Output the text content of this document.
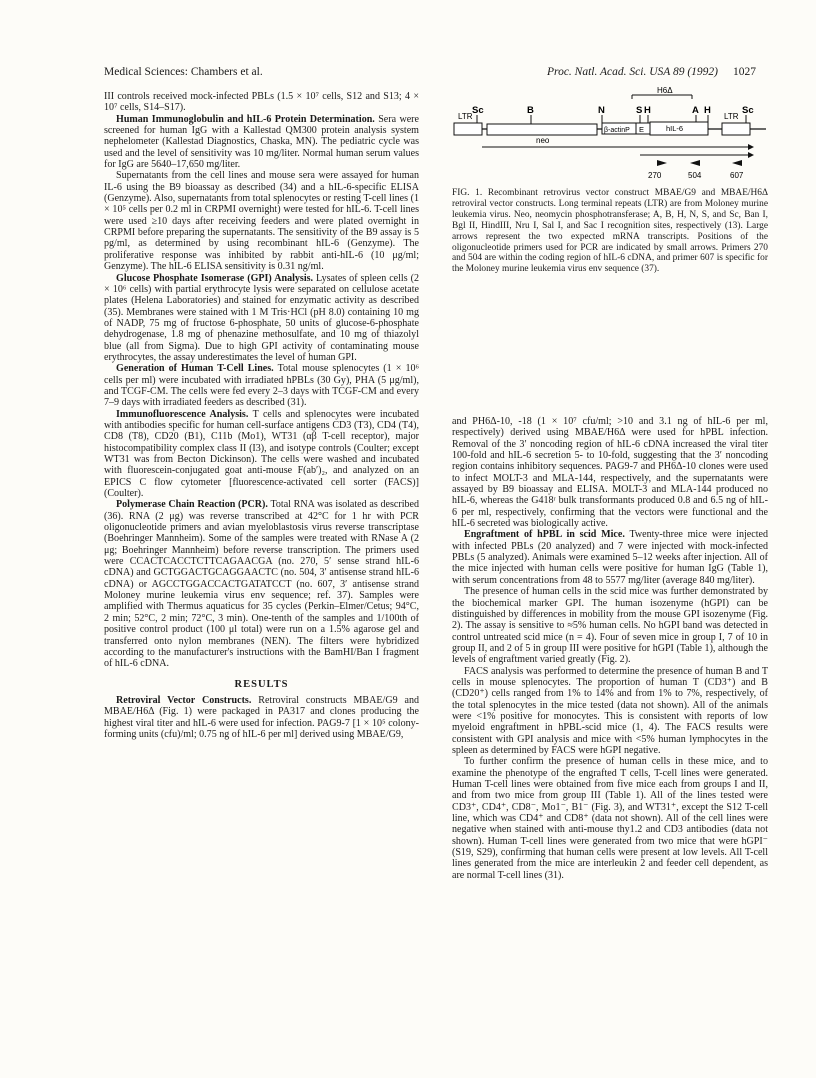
Medical Sciences: Chambers et al.	Proc. Natl. Acad. Sci. USA 89 (1992) 1027

III controls received mock-infected PBLs (1.5 × 10⁷ cells, S12 and S13; 4 × 10⁷ cells, S14–S17).

Human Immunoglobulin and hIL-6 Protein Determination. Sera were screened for human IgG with a Kallestad QM300 protein analysis system nephelometer (Kallestad Diagnostics, Chaska, MN). The pediatric cycle was used and the level of sensitivity was 10 mg/liter. Normal human serum values for IgG are 5640–17,650 mg/liter.

Supernatants from the cell lines and mouse sera were assayed for human IL-6 using the B9 bioassay as described (34) and a hIL-6-specific ELISA (Genzyme). Also, supernatants from total splenocytes or resting T-cell lines (1 × 10⁵ cells per 0.2 ml in CRPMI overnight) were tested for hIL-6. T-cell lines were used ≥10 days after receiving feeders and were plated overnight in CRPMI before preparing the supernatants. The sensitivity of the B9 assay is 5 pg/ml, as determined by using recombinant hIL-6 (Genzyme). The proliferative response was inhibited by rabbit anti-hIL-6 (10 μg/ml; Genzyme). The hIL-6 ELISA sensitivity is 0.31 ng/ml.

Glucose Phosphate Isomerase (GPI) Analysis. Lysates of spleen cells (2 × 10⁶ cells) with partial erythrocyte lysis were separated on cellulose acetate plates (Helena Laboratories) and stained for enzymatic activity as described (35). Membranes were stained with 1 M Tris·HCl (pH 8.0) containing 10 mg of NADP, 75 mg of fructose 6-phosphate, 50 units of glucose-6-phosphate dehydrogenase, 1.8 mg of phenazine methosulfate, and 10 mg of thiazolyl blue (all from Sigma). Due to high GPI activity of contaminating mouse erythrocytes, the assay underestimates the level of human GPI.

Generation of Human T-Cell Lines. Total mouse splenocytes (1 × 10⁶ cells per ml) were incubated with irradiated hPBLs (30 Gy), PHA (5 μg/ml), and TCGF-CM. The cells were fed every 2–3 days with TCGF-CM and every 7–9 days with irradiated feeders as described (31).

Immunofluorescence Analysis. T cells and splenocytes were incubated with antibodies specific for human cell-surface antigens CD3 (T3), CD4 (T4), CD8 (T8), CD20 (B1), C11b (Mo1), WT31 (αβ T-cell receptor), major histocompatibility complex class II (I3), and isotype controls (Coulter; except WT31 was from Becton Dickinson). The cells were washed and incubated with fluorescein-conjugated goat anti-mouse F(ab′)₂, and analyzed on an EPICS C flow cytometer [fluorescence-activated cell sorter (FACS)] (Coulter).

Polymerase Chain Reaction (PCR). Total RNA was isolated as described (36). RNA (2 μg) was reverse transcribed at 42°C for 1 hr with PCR oligonucleotide primers and avian myeloblastosis virus reverse transcriptase (Boehringer Mannheim). Some of the samples were treated with RNase A (2 μg; Boehringer Mannheim) before reverse transcription. The primers used were CCACTCACCTCTTCAGAACGA (no. 270, 5′ sense strand hIL-6 cDNA) and GCTGGACTGCAGGAACTC (no. 504, 3′ antisense strand hIL-6 cDNA) or AGCCTGGACCACTGATATCCT (no. 607, 3′ antisense strand Moloney murine leukemia virus env sequence; ref. 37). Samples were amplified with Thermus aquaticus for 35 cycles (Perkin–Elmer/Cetus; 94°C, 2 min; 52°C, 2 min; 72°C, 3 min). One-tenth of the samples and 1/100th of positive control product (100 μl total) were run on a 1.5% agarose gel and transferred onto nylon membranes (NEN). The filters were hybridized according to the manufacturer's instructions with the BamHI/Ban I fragment of hIL-6 cDNA.

RESULTS

Retroviral Vector Constructs. Retroviral constructs MBAE/G9 and MBAE/H6Δ (Fig. 1) were packaged in PA317 and clones producing the highest viral titer and hIL-6 were used for infection. PAG9-7 [1 × 10⁵ colony-forming units (cfu)/ml; 0.75 ng of hIL-6 per ml] derived using MBAE/G9,

H6Δ
Sc	B	N	S H	A H	Sc
LTR
neo
β-actinP E	hIL-6
LTR
270	504	607
FIG. 1. Recombinant retrovirus vector construct MBAE/G9 and MBAE/H6Δ retroviral vector constructs. Long terminal repeats (LTR) are from Moloney murine leukemia virus. Neo, neomycin phosphotransferase; A, B, H, N, S, and Sc, Ban I, Bgl II, HindIII, Nru I, Sal I, and Sac I recognition sites, respectively (13). Large arrows represent the two expected mRNA transcripts. Positions of the oligonucleotide primers used for PCR are indicated by small arrows. Primers 270 and 504 are within the coding region of hIL-6 cDNA, and primer 607 is specific for the Moloney murine leukemia virus env sequence (37).

and PH6Δ-10, -18 (1 × 10⁷ cfu/ml; >10 and 3.1 ng of hIL-6 per ml, respectively) derived using MBAE/H6Δ were used for hPBL infection. Removal of the 3′ noncoding region of hIL-6 cDNA increased the viral titer 100-fold and hIL-6 secretion 5- to 10-fold, suggesting that the 3′ noncoding region contains inhibitory sequences. PAG9-7 and PH6Δ-10 clones were used to infect MOLT-3 and MLA-144, respectively, and the supernatants were assayed by B9 bioassay and ELISA. MOLT-3 and MLA-144 produced no hIL-6, whereas the G418ʳ bulk transformants produced 0.8 and 6.5 ng of hIL-6 per ml, respectively, confirming that the vectors were functional and the hIL-6 secreted was biologically active.

Engraftment of hPBL in scid Mice. Twenty-three mice were injected with infected PBLs (20 analyzed) and 7 were injected with mock-infected PBLs (5 analyzed). Animals were examined 5–12 weeks after injection. All of the mice injected with human cells were positive for human IgG (Table 1), with serum concentrations from 48 to 5577 mg/liter (average 840 mg/liter).

The presence of human cells in the scid mice was further demonstrated by the biochemical marker GPI. The human isozenyme (hGPI) can be distinguished by differences in mobility from the mouse GPI isozenyme (Fig. 2). The assay is sensitive to ≈5% human cells. No hGPI band was detected in control untreated scid mice (n = 4). Four of seven mice in group I, 7 of 10 in group II, and 2 of 5 in group III were positive for hGPI (Table 1), although the levels of engraftment varied greatly (Fig. 2).

FACS analysis was performed to determine the presence of human B and T cells in mouse splenocytes. The proportion of human T (CD3⁺) and B (CD20⁺) cells ranged from 1% to 14% and from 1% to 7%, respectively, of the total splenocytes in the mice tested (data not shown). All of the animals were <1% positive for monocytes. This is consistent with reports of low myeloid engraftment in hPBL-scid mice (1, 4). The FACS results were consistent with GPI analysis and mice with <5% human lymphocytes in the spleen as determined by FACS were hGPI negative.

To further confirm the presence of human cells in these mice, and to examine the phenotype of the engrafted T cells, T-cell lines were generated. Human T-cell lines were obtained from five mice each from groups I and II, and from two mice from group III (Table 1). All of the lines tested were CD3⁺, CD4⁺, CD8⁻, Mo1⁻, B1⁻ (Fig. 3), and WT31⁺, except the S12 T-cell line, which was CD4⁺ and CD8⁺ (data not shown). All of the cell lines were negative when stained with anti-mouse thy1.2 and CD3 antibodies (data not shown). Human T-cell lines were generated from two mice that were hGPI⁻ (S19, S29), confirming that human cells were present at low levels. All T-cell lines generated from the mice are interleukin 2 and feeder cell dependent, as are normal T-cell lines (31).
